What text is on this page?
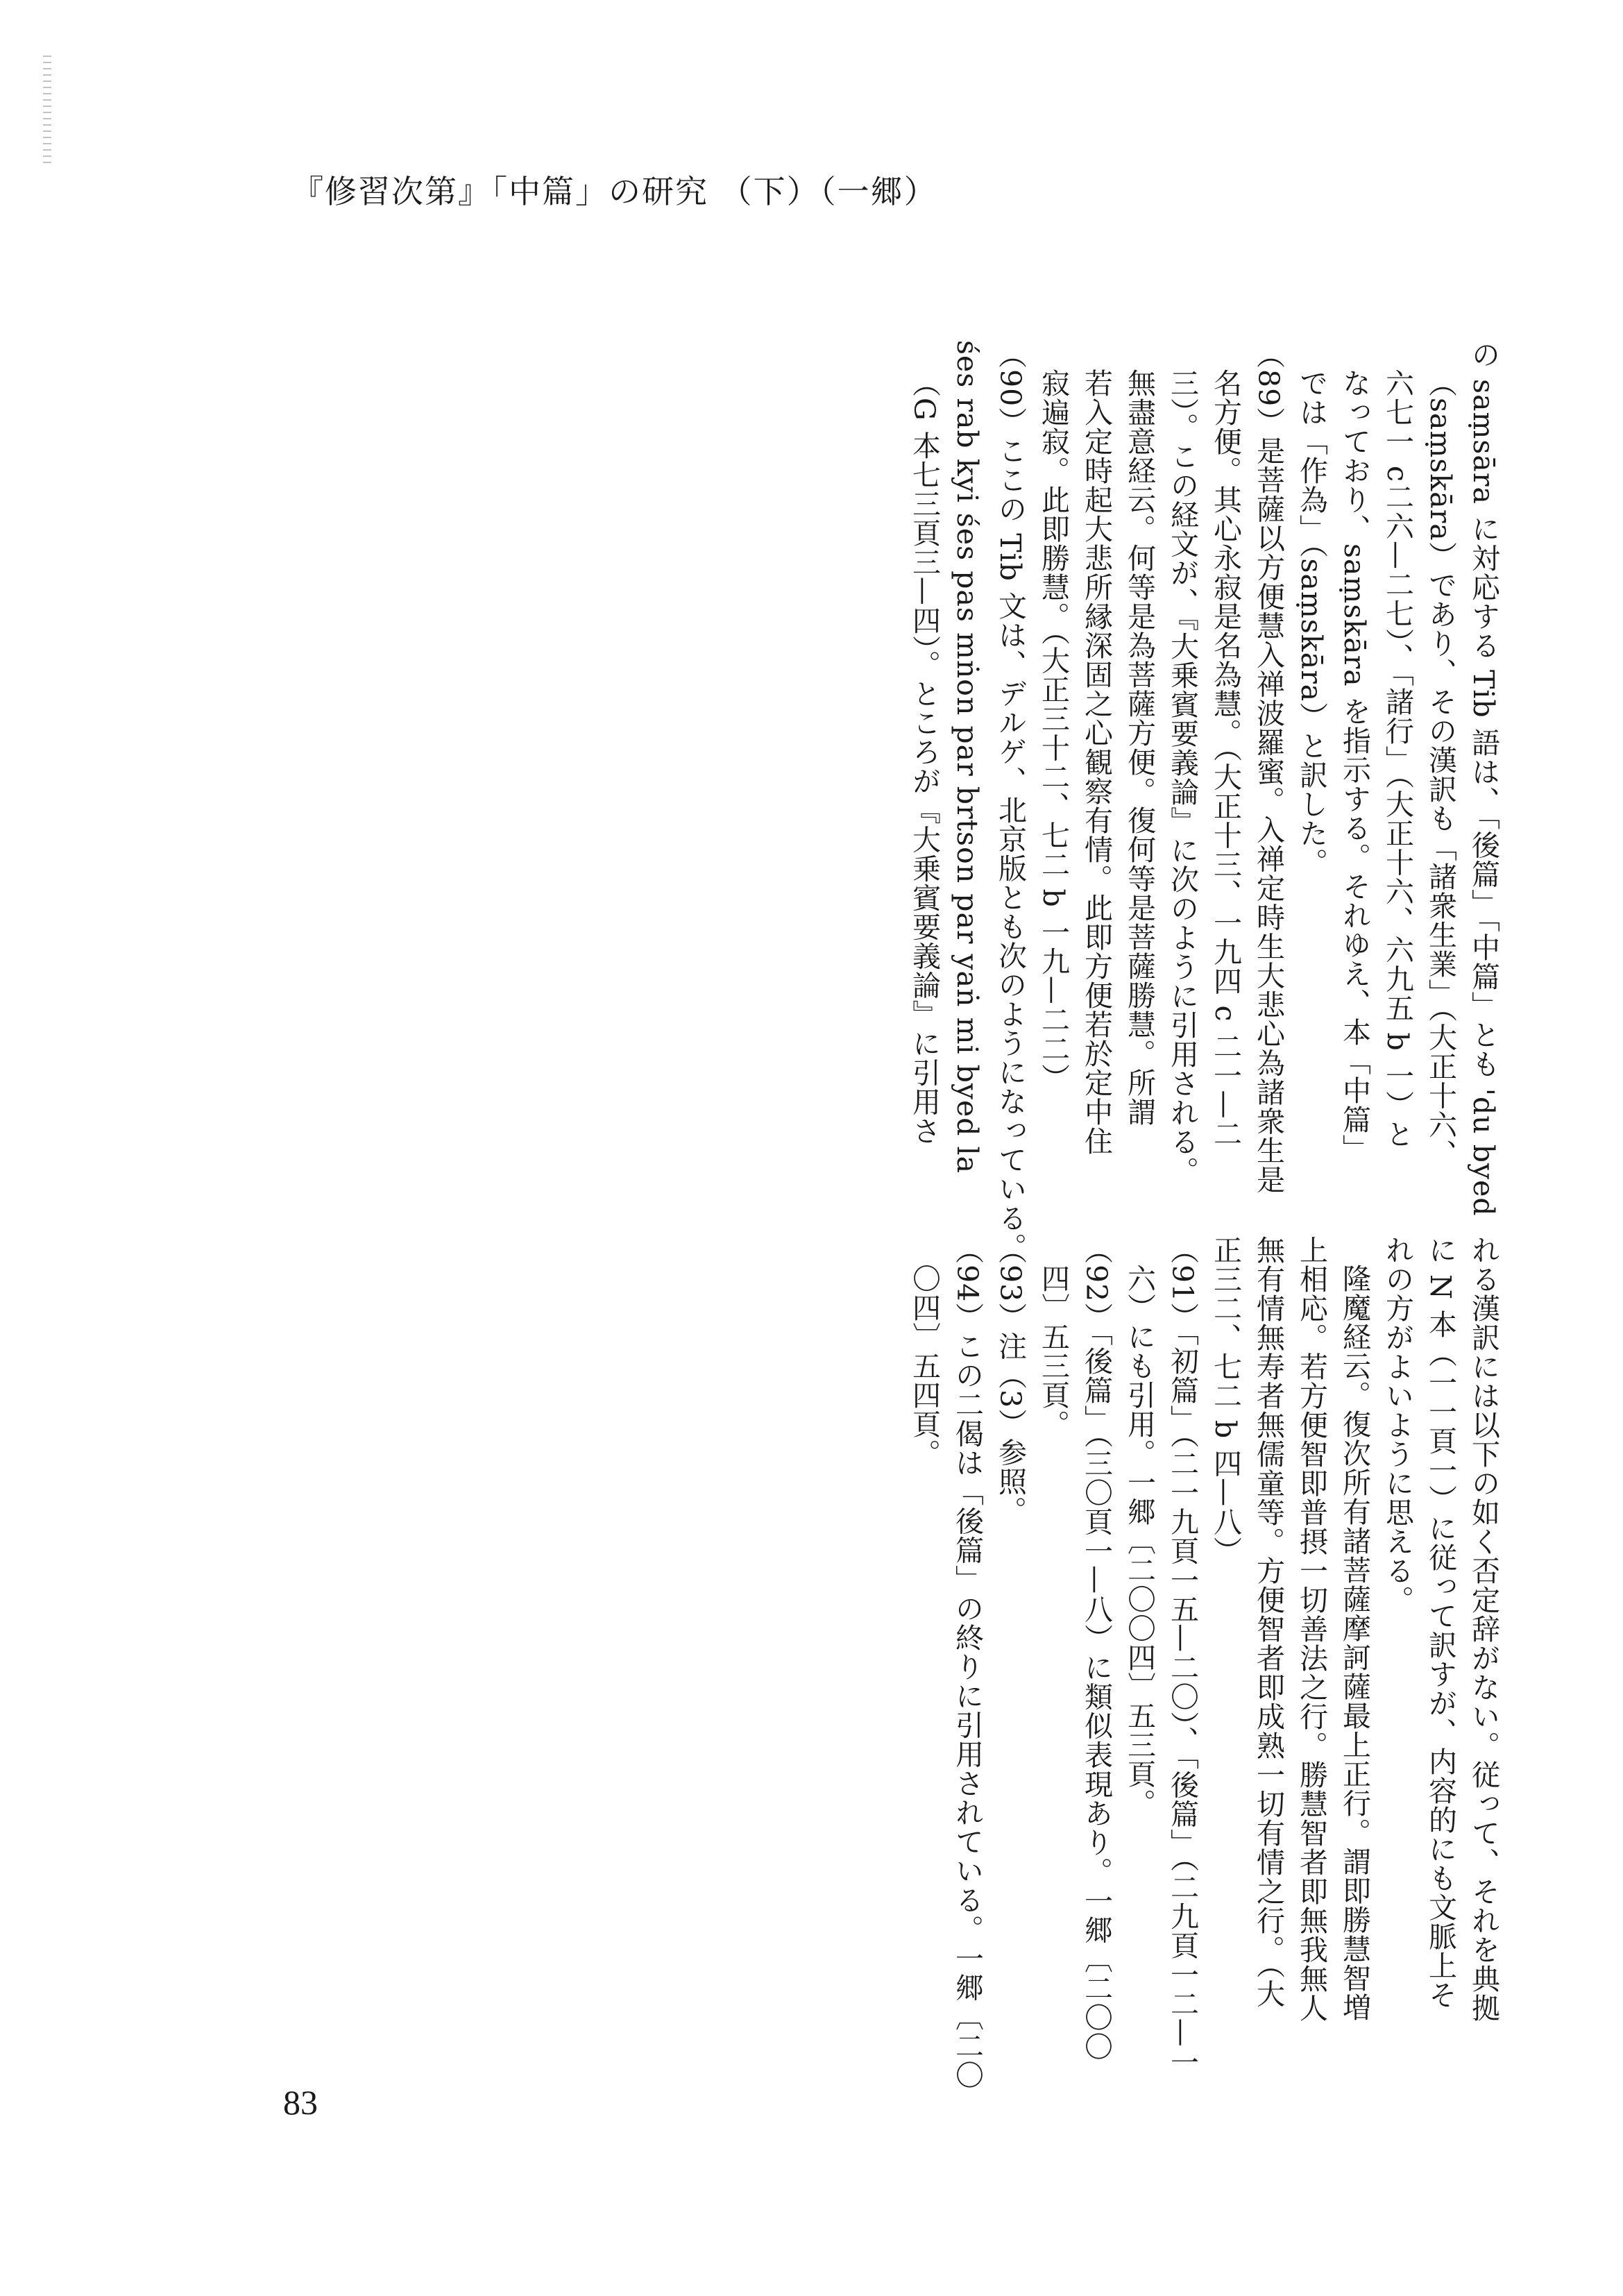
『修習次第』「中篇」の研究 （下）（一郷）
の saṃsāra に対応する Tib 語は、「後篇」「中篇」とも 'du byed
（saṃskāra）であり、その漢訳も「諸衆生業」（大正十六、
六七一 c二六—二七）、「諸行」（大正十六、六九五 b 一）と
なっており、saṃskāra を指示する。それゆえ、本「中篇」
では「作為」（saṃskāra）と訳した。
（89）是菩薩以方便慧入禅波羅蜜。入禅定時生大悲心為諸衆生是
名方便。其心永寂是名為慧。（大正十三、一九四 c 二一—二
三）。この経文が、『大乗賓要義論』に次のように引用される。
無盡意経云。何等是為菩薩方便。復何等是菩薩勝慧。所謂
若入定時起大悲所縁深固之心観察有情。此即方便若於定中住
寂遍寂。此即勝慧。（大正三十二、七二 b 一九—二二）
（90）ここの Tib 文は、デルゲ、北京版とも次のようになっている。
śes rab kyi śes pas mṅon par brtson par yaṅ mi byed la
（G 本七三頁三—四）。ところが『大乗賓要義論』に引用さ
れる漢訳には以下の如く否定辞がない。従って、それを典拠
に N 本（一一頁一）に従って訳すが、内容的にも文脈上そ
れの方がよいように思える。
隆魔経云。復次所有諸菩薩摩訶薩最上正行。謂即勝慧智増
上相応。若方便智即普摂一切善法之行。勝慧智者即無我無人
無有情無寿者無儒童等。方便智者即成熟一切有情之行。（大
正三二、七二 b 四—八）
（91）「初篇」（二一九頁一五—二〇）、「後篇」（二九頁一二—一
六）にも引用。一郷〔二〇〇四〕五三頁。
（92）「後篇」（三〇頁一—八）に類似表現あり。一郷〔二〇〇
四〕五三頁。
（93）注（3）参照。
（94）この二偈は「後篇」の終りに引用されている。一郷〔二〇
〇四〕五四頁。
83
